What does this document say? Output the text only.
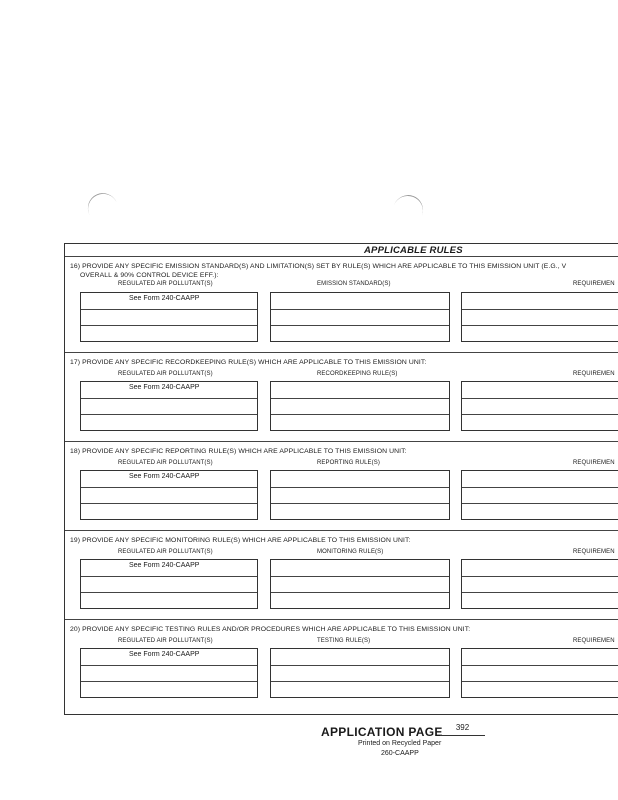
APPLICABLE RULES
16) PROVIDE ANY SPECIFIC EMISSION STANDARD(S) AND LIMITATION(S) SET BY RULE(S) WHICH ARE APPLICABLE TO THIS EMISSION UNIT (E.G., V
OVERALL & 90% CONTROL DEVICE EFF.):
REGULATED AIR POLLUTANT(S)	EMISSION STANDARD(S)	REQUIREMEN
See Form 240-CAAPP
17) PROVIDE ANY SPECIFIC RECORDKEEPING RULE(S) WHICH ARE APPLICABLE TO THIS EMISSION UNIT:
REGULATED AIR POLLUTANT(S)	RECORDKEEPING RULE(S)	REQUIREMEN
See Form 240-CAAPP
18) PROVIDE ANY SPECIFIC REPORTING RULE(S) WHICH ARE APPLICABLE TO THIS EMISSION UNIT:
REGULATED AIR POLLUTANT(S)	REPORTING RULE(S)	REQUIREMEN
See Form 240-CAAPP
19) PROVIDE ANY SPECIFIC MONITORING RULE(S) WHICH ARE APPLICABLE TO THIS EMISSION UNIT:
REGULATED AIR POLLUTANT(S)	MONITORING RULE(S)	REQUIREMEN
See Form 240-CAAPP
20) PROVIDE ANY SPECIFIC TESTING RULES AND/OR PROCEDURES WHICH ARE APPLICABLE TO THIS EMISSION UNIT:
REGULATED AIR POLLUTANT(S)	TESTING RULE(S)	REQUIREMEN
See Form 240-CAAPP
APPLICATION PAGE	392
Printed on Recycled Paper
260-CAAPP
